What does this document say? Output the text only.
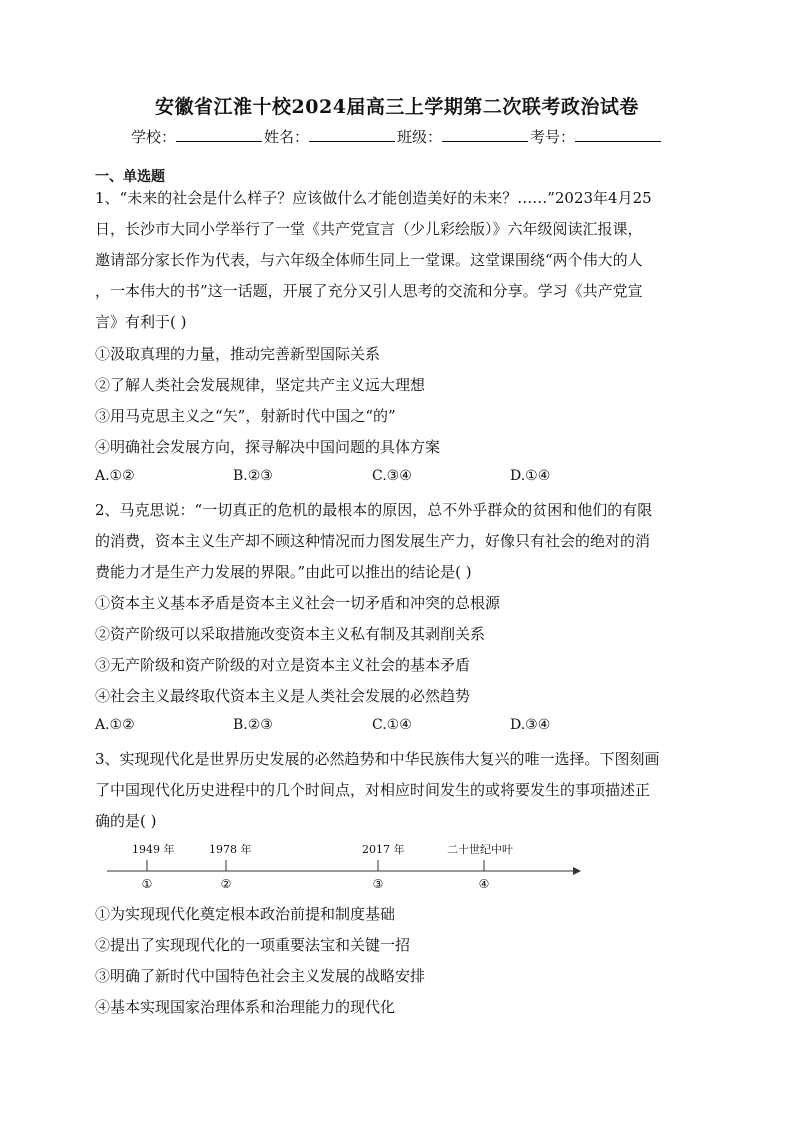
安徽省江淮十校2024届高三上学期第二次联考政治试卷
学校：	姓名：	班级：	考号：
一、单选题
1、“未来的社会是什么样子？应该做什么才能创造美好的未来？……”2023年4月25
日，长沙市大同小学举行了一堂《共产党宣言（少儿彩绘版）》六年级阅读汇报课，
邀请部分家长作为代表，与六年级全体师生同上一堂课。这堂课围绕“两个伟大的人
，一本伟大的书”这一话题，开展了充分又引人思考的交流和分享。学习《共产党宣
言》有利于( )
①汲取真理的力量，推动完善新型国际关系
②了解人类社会发展规律，坚定共产主义远大理想
③用马克思主义之“矢”，射新时代中国之“的”
④明确社会发展方向，探寻解决中国问题的具体方案
A.①②	B.②③	C.③④	D.①④
2、马克思说：“一切真正的危机的最根本的原因，总不外乎群众的贫困和他们的有限
的消费，资本主义生产却不顾这种情况而力图发展生产力，好像只有社会的绝对的消
费能力才是生产力发展的界限。”由此可以推出的结论是( )
①资本主义基本矛盾是资本主义社会一切矛盾和冲突的总根源
②资产阶级可以采取措施改变资本主义私有制及其剥削关系
③无产阶级和资产阶级的对立是资本主义社会的基本矛盾
④社会主义最终取代资本主义是人类社会发展的必然趋势
A.①②	B.②③	C.①④	D.③④
3、实现现代化是世界历史发展的必然趋势和中华民族伟大复兴的唯一选择。下图刻画
了中国现代化历史进程中的几个时间点，对相应时间发生的或将要发生的事项描述正
确的是( )
1949 年	1978 年	2017 年	二十世纪中叶
①	②	③	④
①为实现现代化奠定根本政治前提和制度基础
②提出了实现现代化的一项重要法宝和关键一招
③明确了新时代中国特色社会主义发展的战略安排
④基本实现国家治理体系和治理能力的现代化
